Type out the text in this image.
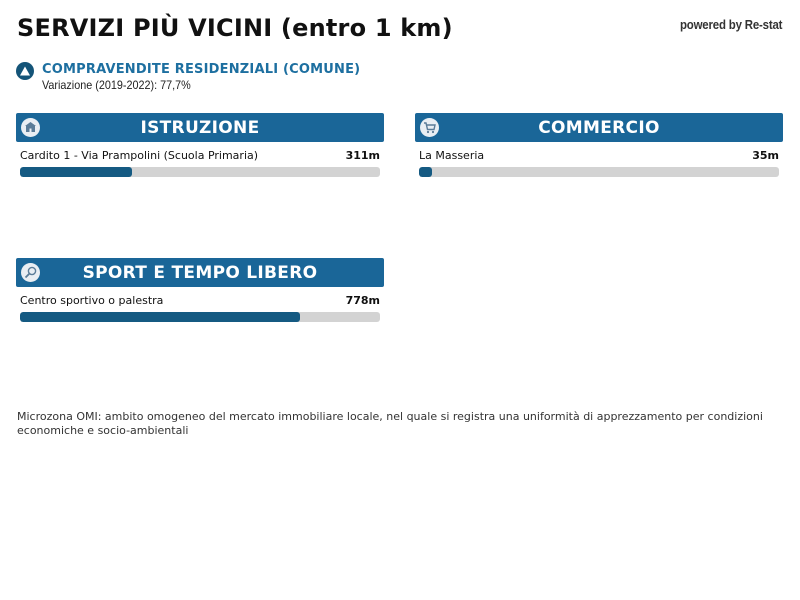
SERVIZI PIÙ VICINI (entro 1 km)	powered by Re-stat
COMPRAVENDITE RESIDENZIALI (COMUNE)
Variazione (2019-2022): 77,7%
ISTRUZIONE
Cardito 1 - Via Prampolini (Scuola Primaria)	311m
COMMERCIO
La Masseria	35m
SPORT E TEMPO LIBERO
Centro sportivo o palestra	778m
Microzona OMI: ambito omogeneo del mercato immobiliare locale, nel quale si registra una uniformità di apprezzamento per condizioni economiche e socio-ambientali
